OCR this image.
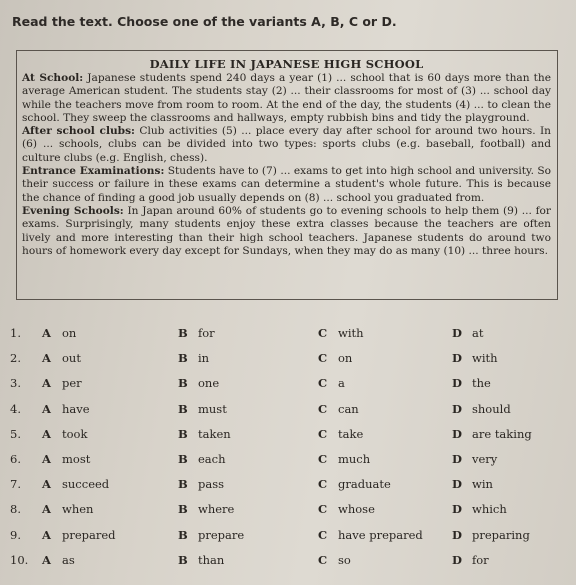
Read the text. Choose one of the variants A, B, C or D.
DAILY LIFE IN JAPANESE HIGH SCHOOL

At School: Japanese students spend 240 days a year (1) ... school that is 60 days more than the average American student. The students stay (2) ... their classrooms for most of (3) ... school day while the teachers move from room to room. At the end of the day, the students (4) ... to clean the school. They sweep the classrooms and hallways, empty rubbish bins and tidy the playground.

After school clubs: Club activities (5) ... place every day after school for around two hours. In (6) ... schools, clubs can be divided into two types: sports clubs (e.g. baseball, football) and culture clubs (e.g. English, chess).

Entrance Examinations: Students have to (7) ... exams to get into high school and university. So their success or failure in these exams can determine a student's whole future. This is because the chance of finding a good job usually depends on (8) ... school you graduated from.

Evening Schools: In Japan around 60% of students go to evening schools to help them (9) ... for exams. Surprisingly, many students enjoy these extra classes because the teachers are often lively and more interesting than their high school teachers. Japanese students do around two hours of homework every day except for Sundays, when they may do as many (10) ... three hours.

1.	A on	B for	C with	D at
2.	A out	B in	C on	D with
3.	A per	B one	C a	D the
4.	A have	B must	C can	D should
5.	A took	B taken	C take	D are taking
6.	A most	B each	C much	D very
7.	A succeed	B pass	C graduate	D win
8.	A when	B where	C whose	D which
9.	A prepared	B prepare	C have prepared	D preparing
10.	A as	B than	C so	D for
